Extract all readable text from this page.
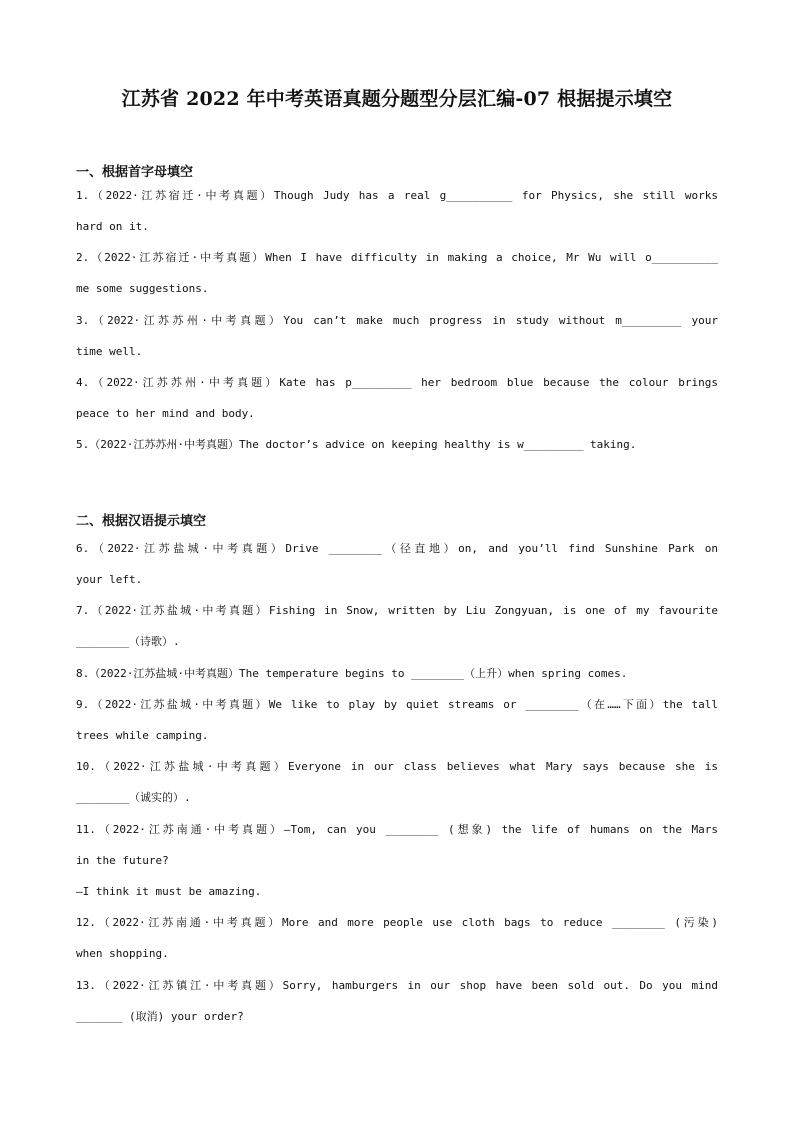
江苏省 2022 年中考英语真题分题型分层汇编-07 根据提示填空
一、根据首字母填空
1.（2022·江苏宿迁·中考真题）Though Judy has a real g__________ for Physics, she still works
hard on it.
2.（2022·江苏宿迁·中考真题）When I have difficulty in making a choice, Mr Wu will o__________
me some suggestions.
3.（2022·江苏苏州·中考真题）You can’t make much progress in study without m_________ your
time well.
4.（2022·江苏苏州·中考真题）Kate has p_________ her bedroom blue because the colour brings
peace to her mind and body.
5.（2022·江苏苏州·中考真题）The doctor’s advice on keeping healthy is w_________ taking.
二、根据汉语提示填空
6.（2022·江苏盐城·中考真题）Drive ________（径直地）on, and you’ll find Sunshine Park on
your left.
7.（2022·江苏盐城·中考真题）Fishing in Snow, written by Liu Zongyuan, is one of my favourite
________（诗歌）.
8.（2022·江苏盐城·中考真题）The temperature begins to ________（上升）when spring comes.
9.（2022·江苏盐城·中考真题）We like to play by quiet streams or ________（在……下面）the tall
trees while camping.
10.（2022·江苏盐城·中考真题）Everyone in our class believes what Mary says because she is
________（诚实的）.
11.（2022·江苏南通·中考真题）—Tom, can you ________ (想象) the life of humans on the Mars
in the future?
—I think it must be amazing.
12.（2022·江苏南通·中考真题）More and more people use cloth bags to reduce ________ (污染)
when shopping.
13.（2022·江苏镇江·中考真题）Sorry, hamburgers in our shop have been sold out. Do you mind
_______ (取消) your order?
